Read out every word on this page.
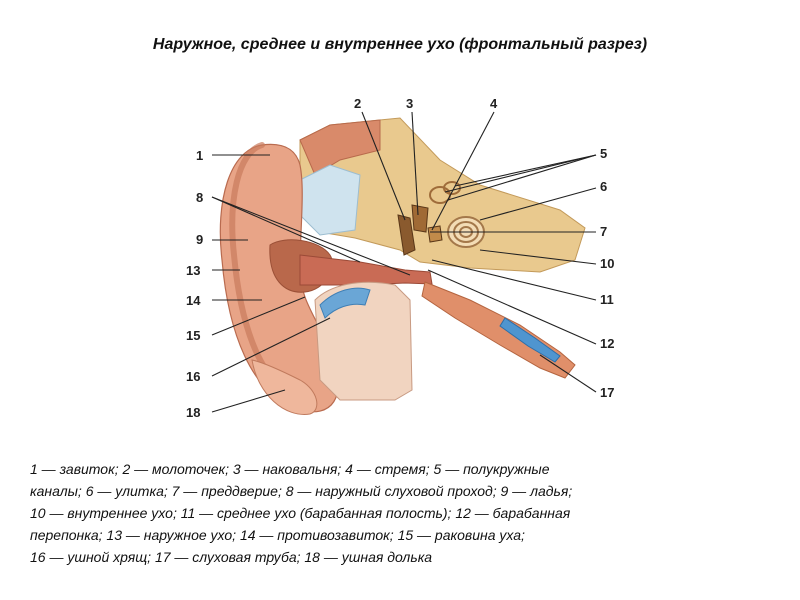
Наружное, среднее и внутреннее ухо (фронтальный разрез)
1
2	3	4
5
6
7
8
9
10
11
12
13
14
15
16
17
18
1 — завиток; 2 — молоточек; 3 — наковальня; 4 — стремя; 5 — полукружные
каналы; 6 — улитка; 7 — преддверие; 8 — наружный слуховой проход; 9 — ладья;
10 — внутреннее ухо; 11 — среднее ухо (барабанная полость); 12 — барабанная
перепонка; 13 — наружное ухо; 14 — противозавиток; 15 — раковина уха;
16 — ушной хрящ; 17 — слуховая труба; 18 — ушная долька
